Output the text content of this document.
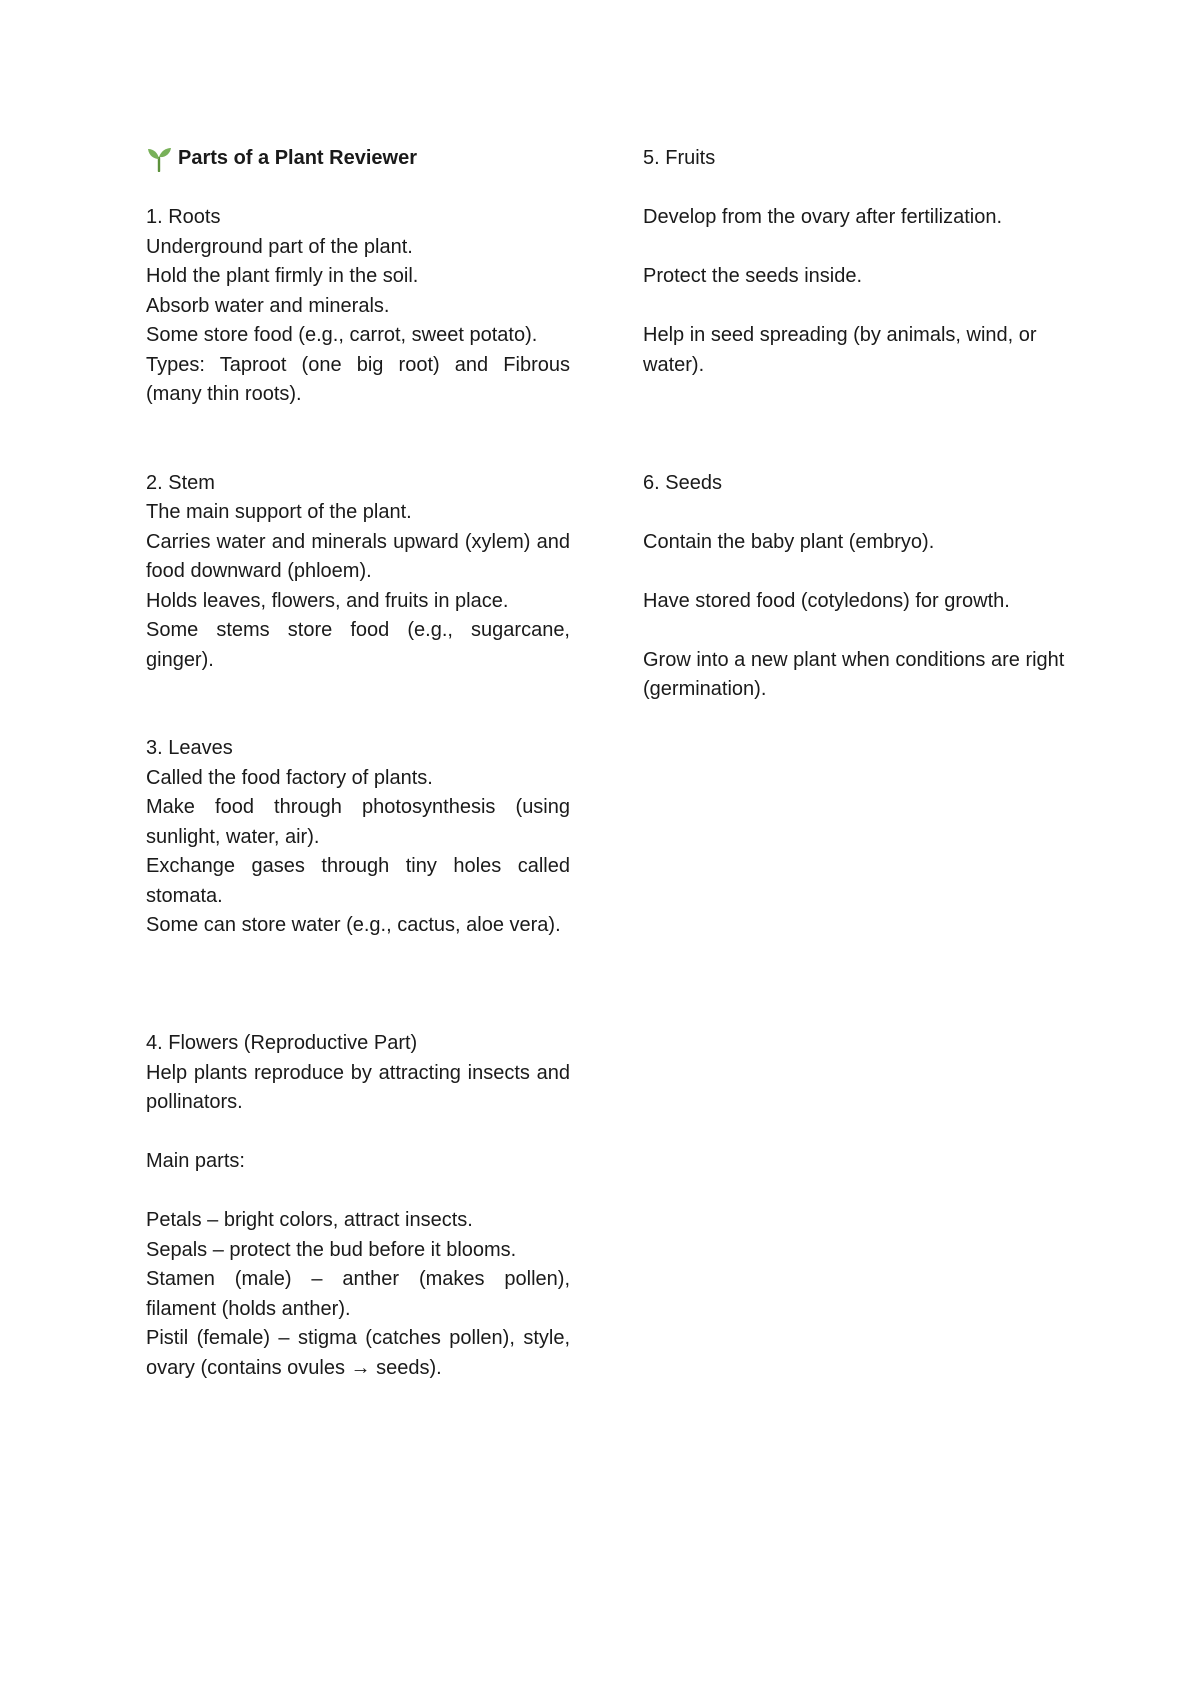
Parts of a Plant Reviewer
1. Roots

Underground part of the plant.

Hold the plant firmly in the soil.

Absorb water and minerals.

Some store food (e.g., carrot, sweet potato).

Types: Taproot (one big root) and Fibrous (many thin roots).

2. Stem

The main support of the plant.

Carries water and minerals upward (xylem) and food downward (phloem).

Holds leaves, flowers, and fruits in place.

Some stems store food (e.g., sugarcane, ginger).

3. Leaves

Called the food factory of plants.

Make food through photosynthesis (using sunlight, water, air).

Exchange gases through tiny holes called stomata.

Some can store water (e.g., cactus, aloe vera).

4. Flowers (Reproductive Part)

Help plants reproduce by attracting insects and pollinators.

Main parts:

Petals – bright colors, attract insects.

Sepals – protect the bud before it blooms.

Stamen (male) – anther (makes pollen), filament (holds anther).

Pistil (female) – stigma (catches pollen), style, ovary (contains ovules → seeds).

5. Fruits

Develop from the ovary after fertilization.

Protect the seeds inside.

Help in seed spreading (by animals, wind, or water).

6. Seeds

Contain the baby plant (embryo).

Have stored food (cotyledons) for growth.

Grow into a new plant when conditions are right (germination).
